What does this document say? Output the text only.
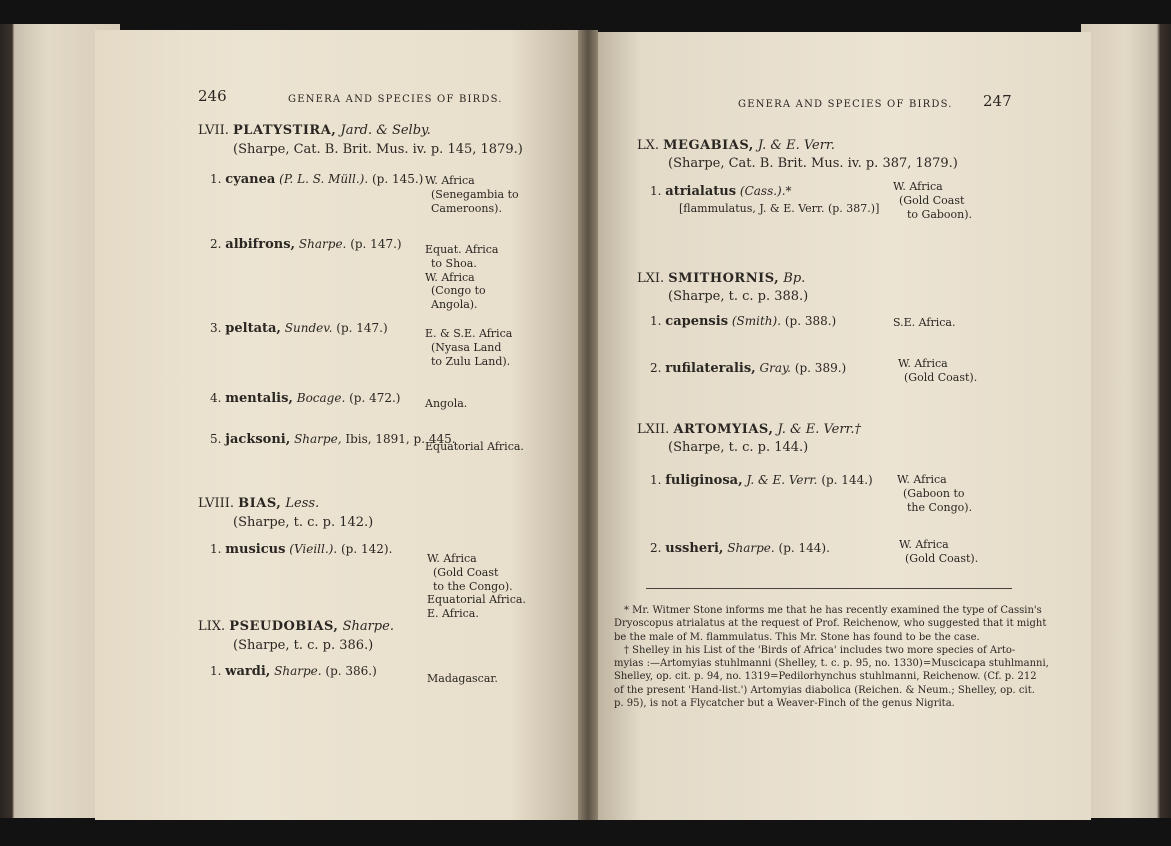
246	GENERA AND SPECIES OF BIRDS.
LVII. PLATYSTIRA, Jard. & Selby.
(Sharpe, Cat. B. Brit. Mus. iv. p. 145, 1879.)
1. cyanea (P. L. S. Müll.). (p. 145.) W. Africa
(Senegambia to
Cameroons).
2. albifrons, Sharpe. (p. 147.) Equat. Africa
to Shoa.
W. Africa
(Congo to
Angola).
3. peltata, Sundev. (p. 147.)	E. & S.E. Africa
(Nyasa Land
to Zulu Land).
4. mentalis, Bocage. (p. 472.) Angola.
5. jacksoni, Sharpe, Ibis, 1891, p. 445.
Equatorial Africa.
LVIII. BIAS, Less.
(Sharpe, t. c. p. 142.)
1. musicus (Vieill.). (p. 142).
W. Africa
(Gold Coast
to the Congo).
Equatorial Africa.
E. Africa.
LIX. PSEUDOBIAS, Sharpe.
(Sharpe, t. c. p. 386.)
1. wardi, Sharpe. (p. 386.)
Madagascar.
GENERA AND SPECIES OF BIRDS. 247
LX. MEGABIAS, J. & E. Verr.
(Sharpe, Cat. B. Brit. Mus. iv. p. 387, 1879.)
1. atrialatus (Cass.).*
[flammulatus, J. & E. Verr. (p. 387.)]
W. Africa
(Gold Coast
to Gaboon).
LXI. SMITHORNIS, Bp.
(Sharpe, t. c. p. 388.)
1. capensis (Smith). (p. 388.)	S.E. Africa.
2. rufilateralis, Gray. (p. 389.)	W. Africa
(Gold Coast).
LXII. ARTOMYIAS, J. & E. Verr.†
(Sharpe, t. c. p. 144.)
1. fuliginosa, J. & E. Verr. (p. 144.) W. Africa
(Gaboon to
the Congo).
2. ussheri, Sharpe. (p. 144).	W. Africa
(Gold Coast).
* Mr. Witmer Stone informs me that he has recently examined the type of Cassin's
Dryoscopus atrialatus at the request of Prof. Reichenow, who suggested that it might
be the male of M. flammulatus. This Mr. Stone has found to be the case.
† Shelley in his List of the 'Birds of Africa' includes two more species of Arto-
myias :—Artomyias stuhlmanni (Shelley, t. c. p. 95, no. 1330)=Muscicapa stuhlmanni,
Shelley, op. cit. p. 94, no. 1319=Pedilorhynchus stuhlmanni, Reichenow. (Cf. p. 212
of the present 'Hand-list.') Artomyias diabolica (Reichen. & Neum.; Shelley, op. cit.
p. 95), is not a Flycatcher but a Weaver-Finch of the genus Nigrita.
